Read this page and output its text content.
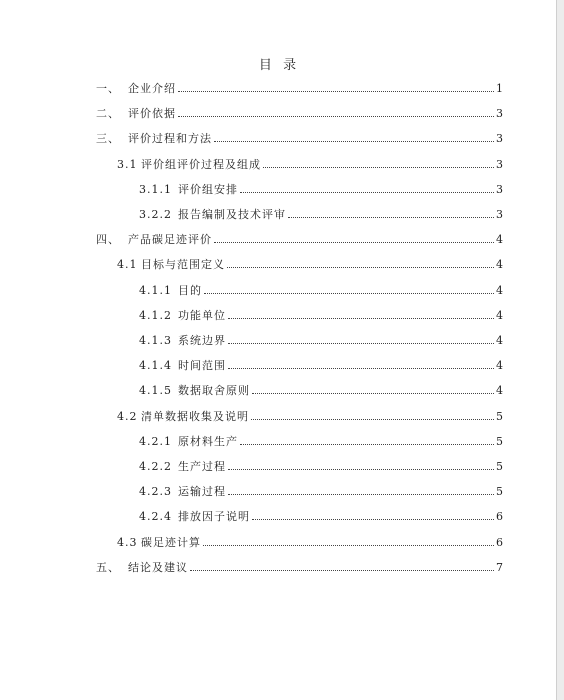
目  录
一、 企业介绍	1
二、 评价依据	3
三、 评价过程和方法	3
3.1 评价组评价过程及组成	3
3.1.1 评价组安排	3
3.2.2 报告编制及技术评审	3
四、 产品碳足迹评价	4
4.1 目标与范围定义	4
4.1.1 目的	4
4.1.2 功能单位	4
4.1.3 系统边界	4
4.1.4 时间范围	4
4.1.5 数据取舍原则	4
4.2 清单数据收集及说明	5
4.2.1 原材料生产	5
4.2.2 生产过程	5
4.2.3 运输过程	5
4.2.4 排放因子说明	6
4.3 碳足迹计算	6
五、 结论及建议	7
